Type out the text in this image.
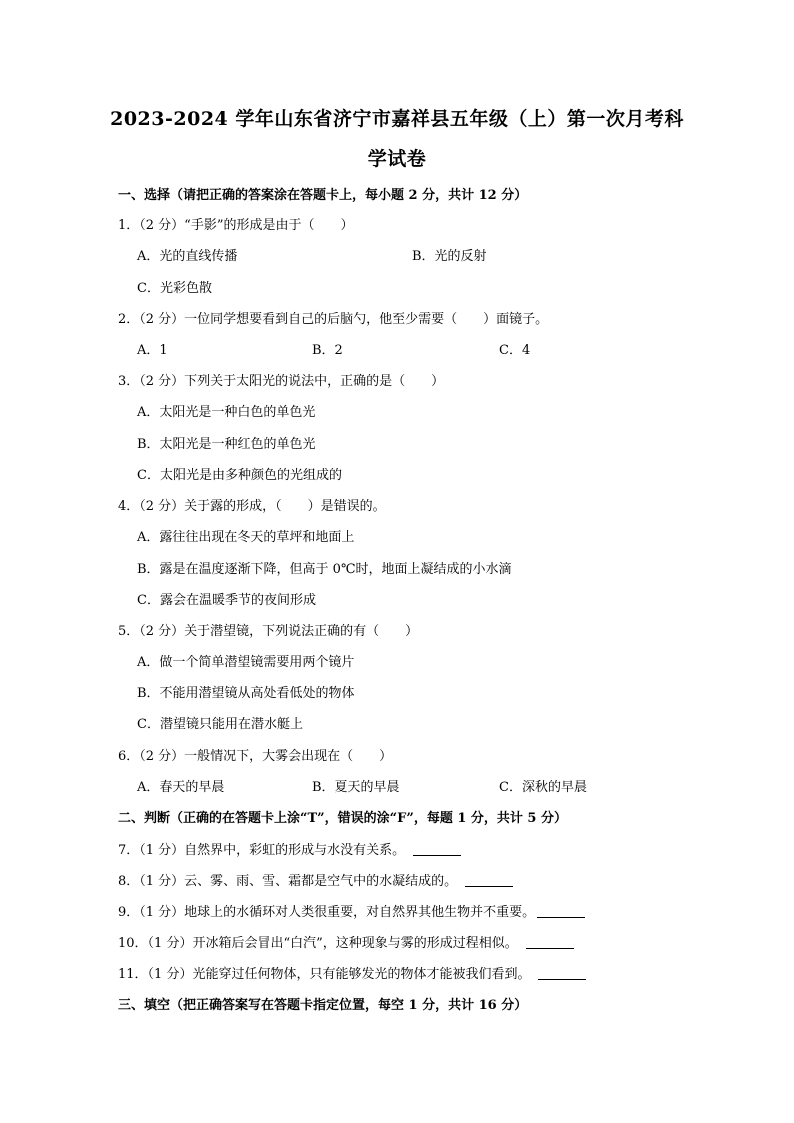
2023-2024 学年山东省济宁市嘉祥县五年级（上）第一次月考科
学试卷
一、选择（请把正确的答案涂在答题卡上，每小题 2 分，共计 12 分）
1．（2 分）“手影”的形成是由于（　　）
A．光的直线传播	B．光的反射
C．光彩色散
2．（2 分）一位同学想要看到自己的后脑勺，他至少需要（　　）面镜子。
A．1	B．2	C．4
3．（2 分）下列关于太阳光的说法中，正确的是（　　）
A．太阳光是一种白色的单色光
B．太阳光是一种红色的单色光
C．太阳光是由多种颜色的光组成的
4．（2 分）关于露的形成，（　　）是错误的。
A．露往往出现在冬天的草坪和地面上
B．露是在温度逐渐下降，但高于 0℃时，地面上凝结成的小水滴
C．露会在温暖季节的夜间形成
5．（2 分）关于潜望镜，下列说法正确的有（　　）
A．做一个简单潜望镜需要用两个镜片
B．不能用潜望镜从高处看低处的物体
C．潜望镜只能用在潜水艇上
6．（2 分）一般情况下，大雾会出现在（　　）
A．春天的早晨	B．夏天的早晨	C．深秋的早晨
二、判断（正确的在答题卡上涂“T”，错误的涂“F”，每题 1 分，共计 5 分）
7．（1 分）自然界中，彩虹的形成与水没有关系。
8．（1 分）云、雾、雨、雪、霜都是空气中的水凝结成的。
9．（1 分）地球上的水循环对人类很重要，对自然界其他生物并不重要。
10．（1 分）开冰箱后会冒出“白汽”，这种现象与雾的形成过程相似。
11．（1 分）光能穿过任何物体，只有能够发光的物体才能被我们看到。
三、填空（把正确答案写在答题卡指定位置，每空 1 分，共计 16 分）
